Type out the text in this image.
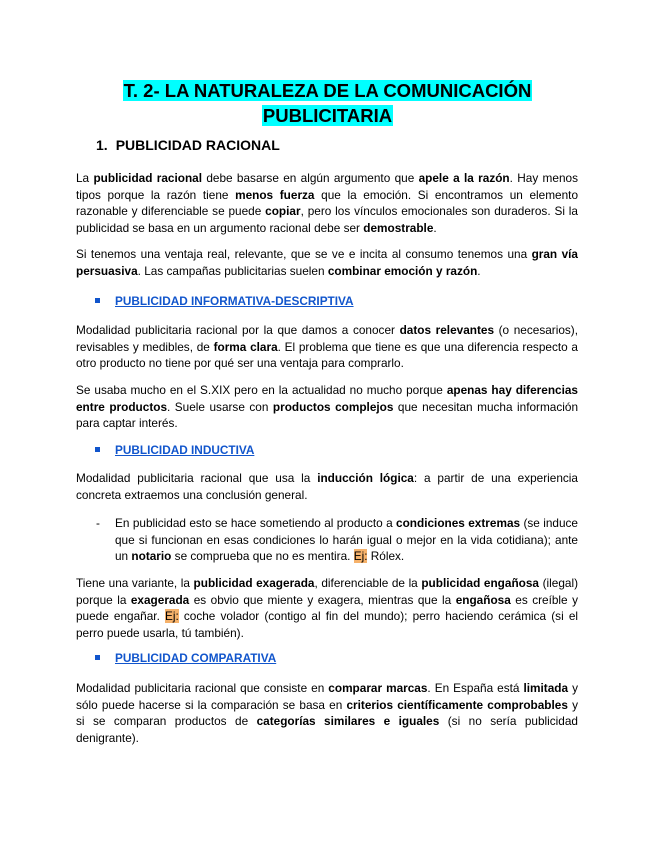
T. 2- LA NATURALEZA DE LA COMUNICACIÓN
PUBLICITARIA
1. PUBLICIDAD RACIONAL
La publicidad racional debe basarse en algún argumento que apele a la razón. Hay menos tipos porque la razón tiene menos fuerza que la emoción. Si encontramos un elemento razonable y diferenciable se puede copiar, pero los vínculos emocionales son duraderos. Si la publicidad se basa en un argumento racional debe ser demostrable.
Si tenemos una ventaja real, relevante, que se ve e incita al consumo tenemos una gran vía persuasiva. Las campañas publicitarias suelen combinar emoción y razón.
PUBLICIDAD INFORMATIVA-DESCRIPTIVA
Modalidad publicitaria racional por la que damos a conocer datos relevantes (o necesarios), revisables y medibles, de forma clara. El problema que tiene es que una diferencia respecto a otro producto no tiene por qué ser una ventaja para comprarlo.
Se usaba mucho en el S.XIX pero en la actualidad no mucho porque apenas hay diferencias entre productos. Suele usarse con productos complejos que necesitan mucha información para captar interés.
PUBLICIDAD INDUCTIVA
Modalidad publicitaria racional que usa la inducción lógica: a partir de una experiencia concreta extraemos una conclusión general.
- En publicidad esto se hace sometiendo al producto a condiciones extremas (se induce que si funcionan en esas condiciones lo harán igual o mejor en la vida cotidiana); ante un notario se comprueba que no es mentira. Ej: Rólex.
Tiene una variante, la publicidad exagerada, diferenciable de la publicidad engañosa (ilegal) porque la exagerada es obvio que miente y exagera, mientras que la engañosa es creíble y puede engañar. Ej: coche volador (contigo al fin del mundo); perro haciendo cerámica (si el perro puede usarla, tú también).
PUBLICIDAD COMPARATIVA
Modalidad publicitaria racional que consiste en comparar marcas. En España está limitada y sólo puede hacerse si la comparación se basa en criterios científicamente comprobables y si se comparan productos de categorías similares e iguales (si no sería publicidad denigrante).
